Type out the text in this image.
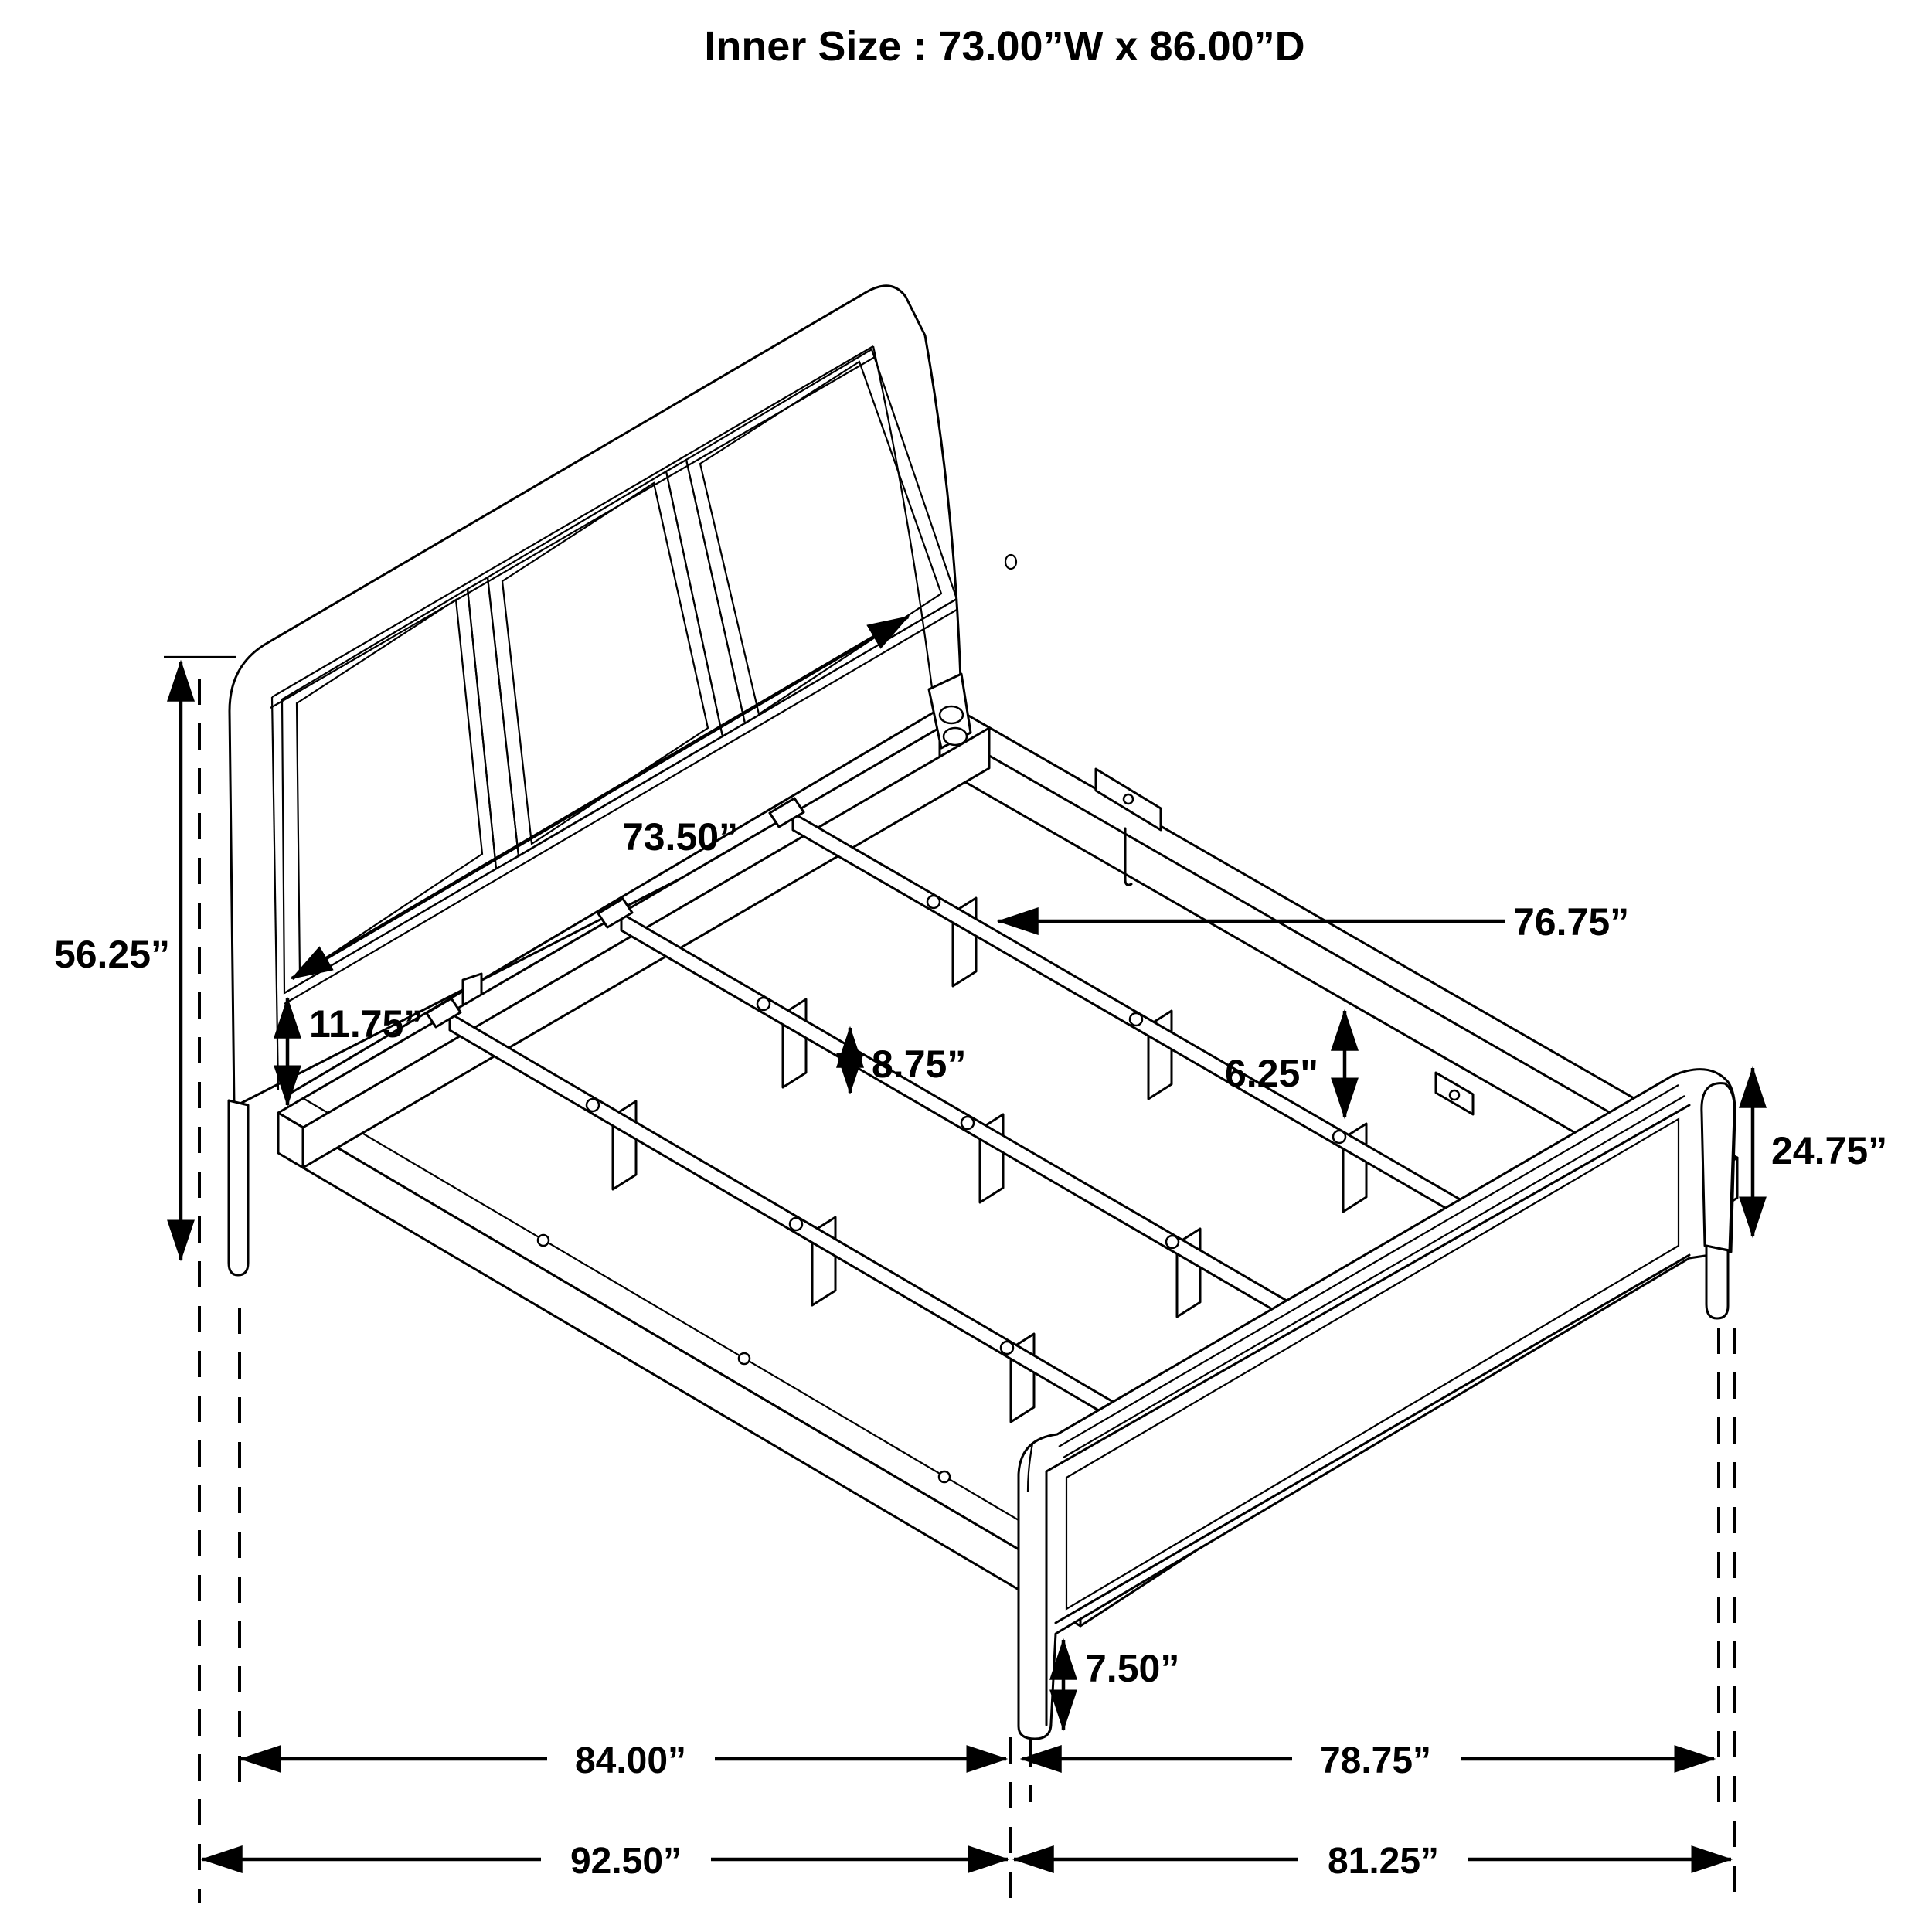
73.50”
56.25”
11.75”
8.75”
76.75”
6.25"
24.75”
7.50”
84.00”	78.75”
92.50”	81.25”
Inner Size : 73.00”W x 86.00”D
